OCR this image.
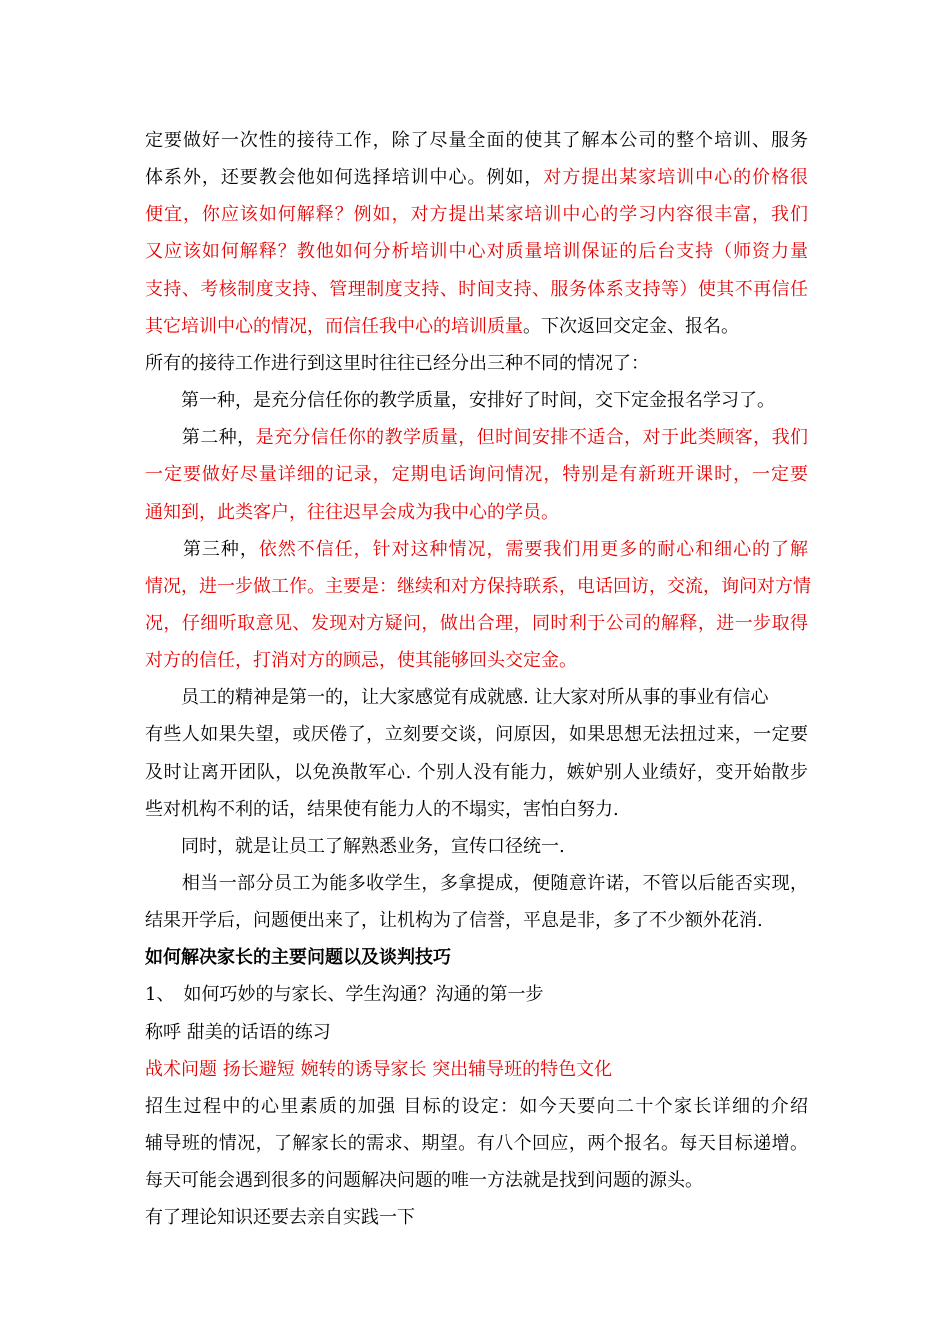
定要做好一次性的接待工作，除了尽量全面的使其了解本公司的整个培训、服务
体系外，还要教会他如何选择培训中心。例如，对方提出某家培训中心的价格很
便宜，你应该如何解释？例如，对方提出某家培训中心的学习内容很丰富，我们
又应该如何解释？教他如何分析培训中心对质量培训保证的后台支持（师资力量
支持、考核制度支持、管理制度支持、时间支持、服务体系支持等）使其不再信任
其它培训中心的情况，而信任我中心的培训质量。下次返回交定金、报名。
所有的接待工作进行到这里时往往已经分出三种不同的情况了：
　　第一种，是充分信任你的教学质量，安排好了时间，交下定金报名学习了。
　　第二种，是充分信任你的教学质量，但时间安排不适合，对于此类顾客，我们
一定要做好尽量详细的记录，定期电话询问情况，特别是有新班开课时，一定要
通知到，此类客户，往往迟早会成为我中心的学员。
　　第三种，依然不信任，针对这种情况，需要我们用更多的耐心和细心的了解
情况，进一步做工作。主要是：继续和对方保持联系，电话回访，交流，询问对方情
况，仔细听取意见、发现对方疑问，做出合理，同时利于公司的解释，进一步取得
对方的信任，打消对方的顾忌，使其能够回头交定金。
　　员工的精神是第一的，让大家感觉有成就感. 让大家对所从事的事业有信心
有些人如果失望，或厌倦了，立刻要交谈，问原因，如果思想无法扭过来，一定要
及时让离开团队，以免涣散军心. 个别人没有能力，嫉妒别人业绩好，变开始散步
些对机构不利的话，结果使有能力人的不塌实，害怕白努力.
　　同时，就是让员工了解熟悉业务，宣传口径统一.
　　相当一部分员工为能多收学生，多拿提成，便随意许诺，不管以后能否实现，
结果开学后，问题便出来了，让机构为了信誉，平息是非，多了不少额外花消.
如何解决家长的主要问题以及谈判技巧
1、　如何巧妙的与家长、学生沟通？沟通的第一步
称呼 甜美的话语的练习
战术问题 扬长避短 婉转的诱导家长 突出辅导班的特色文化
招生过程中的心里素质的加强 目标的设定：如今天要向二十个家长详细的介绍
辅导班的情况，了解家长的需求、期望。有八个回应，两个报名。每天目标递增。
每天可能会遇到很多的问题解决问题的唯一方法就是找到问题的源头。
有了理论知识还要去亲自实践一下
